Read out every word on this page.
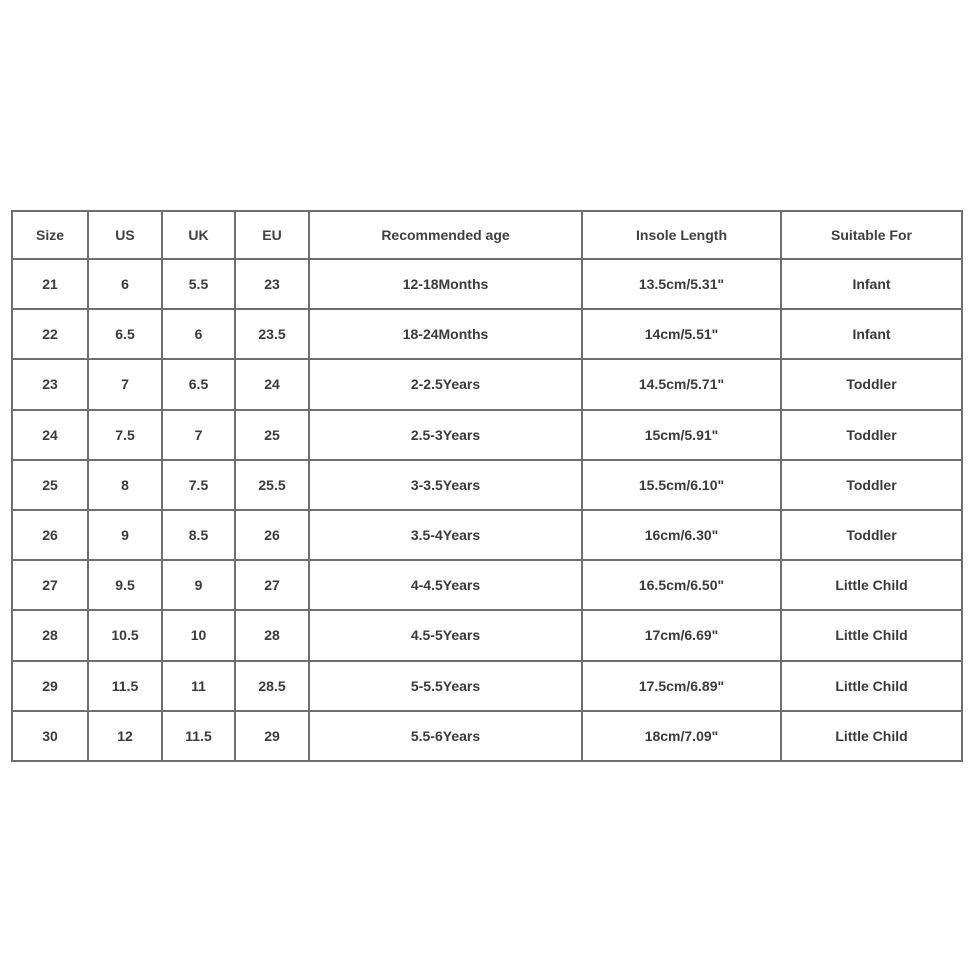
Size	US	UK	EU	Recommended age	Insole Length	Suitable For
21	6	5.5	23	12-18Months	13.5cm/5.31"	Infant
22	6.5	6	23.5	18-24Months	14cm/5.51"	Infant
23	7	6.5	24	2-2.5Years	14.5cm/5.71"	Toddler
24	7.5	7	25	2.5-3Years	15cm/5.91"	Toddler
25	8	7.5	25.5	3-3.5Years	15.5cm/6.10"	Toddler
26	9	8.5	26	3.5-4Years	16cm/6.30"	Toddler
27	9.5	9	27	4-4.5Years	16.5cm/6.50"	Little Child
28	10.5	10	28	4.5-5Years	17cm/6.69"	Little Child
29	11.5	11	28.5	5-5.5Years	17.5cm/6.89"	Little Child
30	12	11.5	29	5.5-6Years	18cm/7.09"	Little Child
